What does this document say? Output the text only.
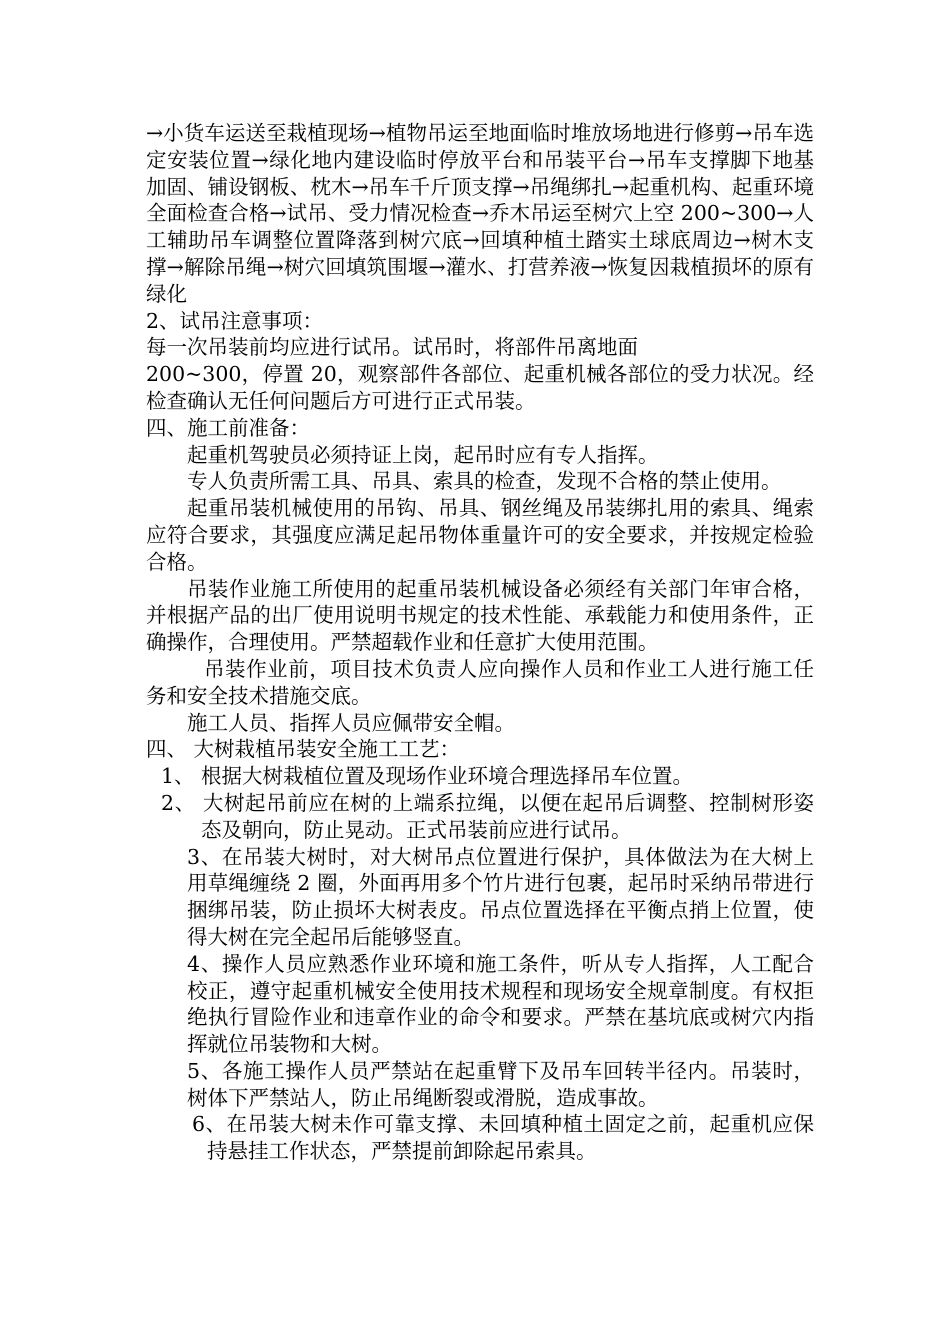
→小货车运送至栽植现场→植物吊运至地面临时堆放场地进行修剪→吊车选定安装位置→绿化地内建设临时停放平台和吊装平台→吊车支撑脚下地基加固、铺设钢板、枕木→吊车千斤顶支撑→吊绳绑扎→起重机构、起重环境全面检查合格→试吊、受力情况检查→乔木吊运至树穴上空 200~300→人工辅助吊车调整位置降落到树穴底→回填种植土踏实土球底周边→树木支撑→解除吊绳→树穴回填筑围堰→灌水、打营养液→恢复因栽植损坏的原有绿化

2、试吊注意事项：

每一次吊装前均应进行试吊。试吊时，将部件吊离地面

200~300，停置 20，观察部件各部位、起重机械各部位的受力状况。经检查确认无任何问题后方可进行正式吊装。

四、施工前准备：

起重机驾驶员必须持证上岗，起吊时应有专人指挥。

专人负责所需工具、吊具、索具的检查，发现不合格的禁止使用。

起重吊装机械使用的吊钩、吊具、钢丝绳及吊装绑扎用的索具、绳索应符合要求，其强度应满足起吊物体重量许可的安全要求，并按规定检验合格。

吊装作业施工所使用的起重吊装机械设备必须经有关部门年审合格，并根据产品的出厂使用说明书规定的技术性能、承载能力和使用条件，正确操作，合理使用。严禁超载作业和任意扩大使用范围。

吊装作业前，项目技术负责人应向操作人员和作业工人进行施工任务和安全技术措施交底。

施工人员、指挥人员应佩带安全帽。

四、 大树栽植吊装安全施工工艺：

1、 根据大树栽植位置及现场作业环境合理选择吊车位置。

2、 大树起吊前应在树的上端系拉绳，以便在起吊后调整、控制树形姿态及朝向，防止晃动。正式吊装前应进行试吊。

3、在吊装大树时，对大树吊点位置进行保护，具体做法为在大树上用草绳缠绕 2 圈，外面再用多个竹片进行包裹，起吊时采纳吊带进行捆绑吊装，防止损坏大树表皮。吊点位置选择在平衡点捎上位置，使得大树在完全起吊后能够竖直。

4、操作人员应熟悉作业环境和施工条件，听从专人指挥，人工配合校正，遵守起重机械安全使用技术规程和现场安全规章制度。有权拒绝执行冒险作业和违章作业的命令和要求。严禁在基坑底或树穴内指挥就位吊装物和大树。

5、各施工操作人员严禁站在起重臂下及吊车回转半径内。吊装时，树体下严禁站人，防止吊绳断裂或滑脱，造成事故。

6、在吊装大树未作可靠支撑、未回填种植土固定之前，起重机应保持悬挂工作状态，严禁提前卸除起吊索具。
